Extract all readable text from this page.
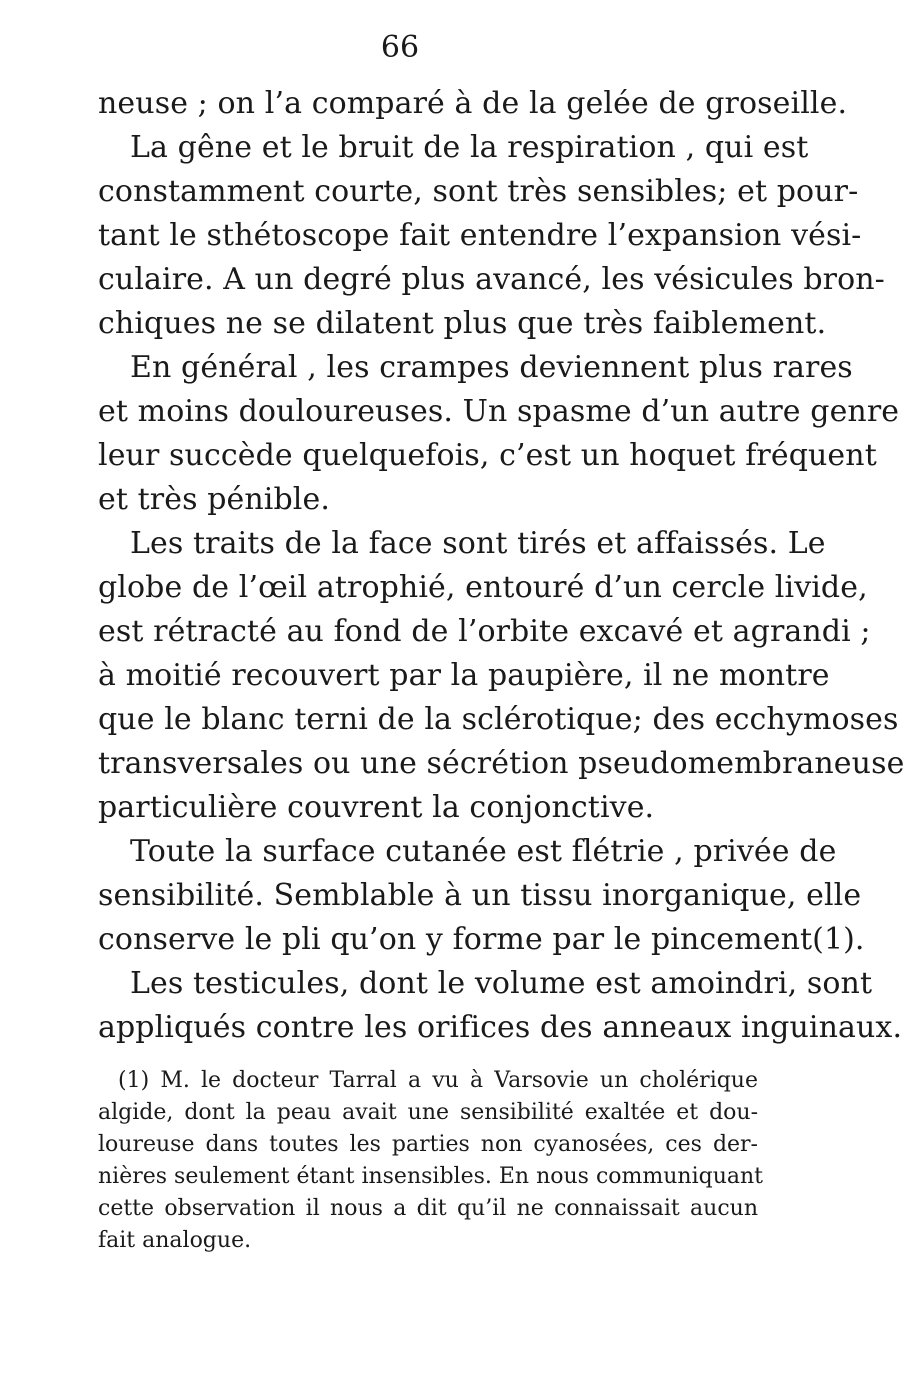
66
neuse ; on l’a comparé à de la gelée de groseille.
La gêne et le bruit de la respiration , qui est
constamment courte, sont très sensibles; et pour-
tant le sthétoscope fait entendre l’expansion vési-
culaire. A un degré plus avancé, les vésicules bron-
chiques ne se dilatent plus que très faiblement.
En général , les crampes deviennent plus rares
et moins douloureuses. Un spasme d’un autre genre
leur succède quelquefois, c’est un hoquet fréquent
et très pénible.
Les traits de la face sont tirés et affaissés. Le
globe de l’œil atrophié, entouré d’un cercle livide,
est rétracté au fond de l’orbite excavé et agrandi ;
à moitié recouvert par la paupière, il ne montre
que le blanc terni de la sclérotique; des ecchymoses
transversales ou une sécrétion pseudomembraneuse
particulière couvrent la conjonctive.
Toute la surface cutanée est flétrie , privée de
sensibilité. Semblable à un tissu inorganique, elle
conserve le pli qu’on y forme par le pincement(1).
Les testicules, dont le volume est amoindri, sont
appliqués contre les orifices des anneaux inguinaux.
(1) M. le docteur Tarral a vu à Varsovie un cholérique
algide, dont la peau avait une sensibilité exaltée et dou-
loureuse dans toutes les parties non cyanosées, ces der-
nières seulement étant insensibles. En nous communiquant
cette observation il nous a dit qu’il ne connaissait aucun
fait analogue.
